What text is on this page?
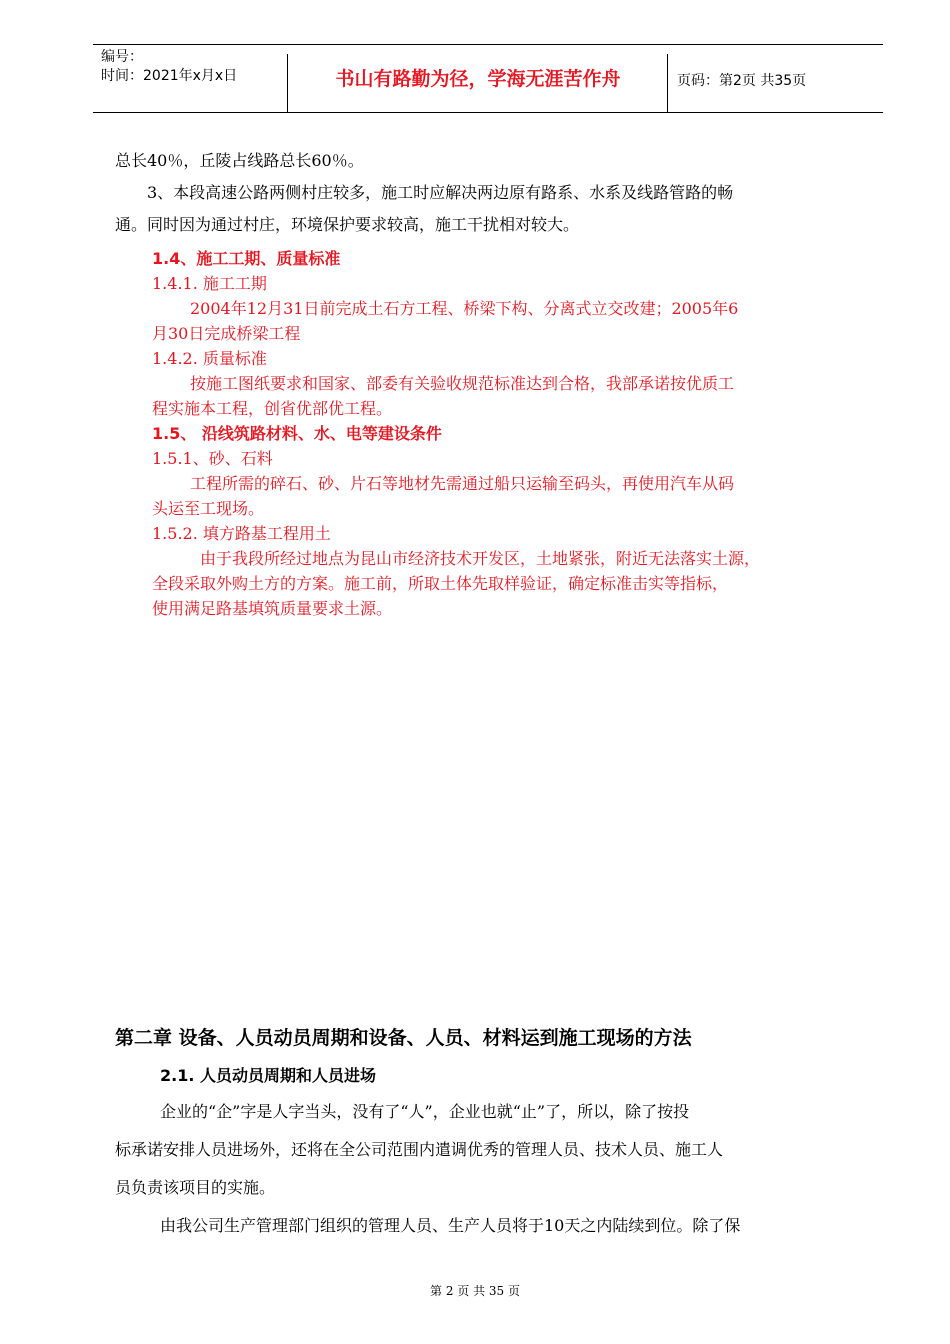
编号：
时间：2021年x月x日	书山有路勤为径，学海无涯苦作舟	页码：第2页 共35页
总长40％，丘陵占线路总长60％。
3、本段高速公路两侧村庄较多，施工时应解决两边原有路系、水系及线路管路的畅
通。同时因为通过村庄，环境保护要求较高，施工干扰相对较大。
1.4、施工工期、质量标准
1.4.1. 施工工期
2004年12月31日前完成土石方工程、桥梁下构、分离式立交改建；2005年6
月30日完成桥梁工程
1.4.2. 质量标准
按施工图纸要求和国家、部委有关验收规范标准达到合格，我部承诺按优质工
程实施本工程，创省优部优工程。
1.5、 沿线筑路材料、水、电等建设条件
1.5.1、砂、石料
工程所需的碎石、砂、片石等地材先需通过船只运输至码头，再使用汽车从码
头运至工现场。
1.5.2. 填方路基工程用土
由于我段所经过地点为昆山市经济技术开发区，土地紧张，附近无法落实土源，
全段采取外购土方的方案。施工前，所取土体先取样验证，确定标准击实等指标，
使用满足路基填筑质量要求土源。
第二章 设备、人员动员周期和设备、人员、材料运到施工现场的方法
2.1. 人员动员周期和人员进场
企业的“企”字是人字当头，没有了“人”，企业也就“止”了，所以，除了按投
标承诺安排人员进场外，还将在全公司范围内遣调优秀的管理人员、技术人员、施工人
员负责该项目的实施。
由我公司生产管理部门组织的管理人员、生产人员将于10天之内陆续到位。除了保
第 2 页 共 35 页
